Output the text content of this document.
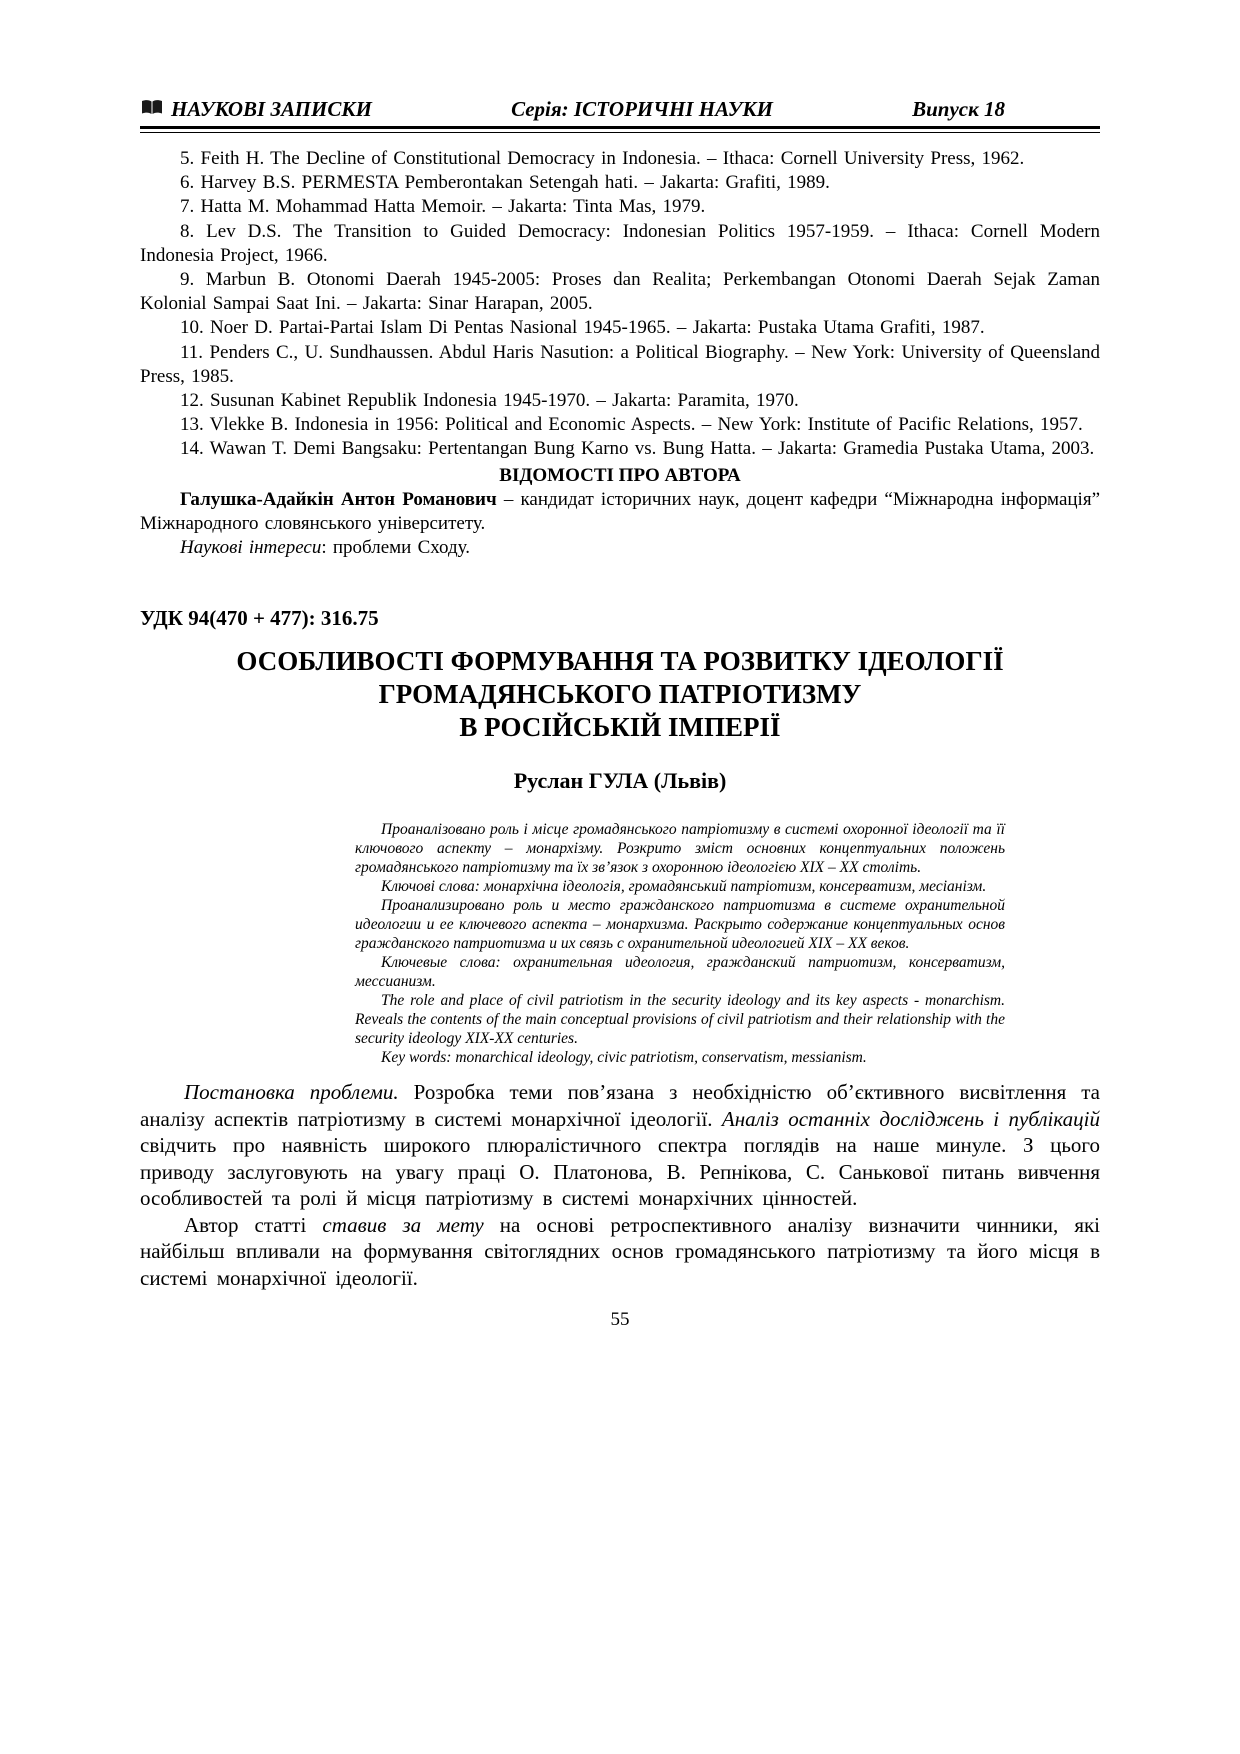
НАУКОВІ ЗАПИСКИ	Серія: ІСТОРИЧНІ НАУКИ	Випуск 18

5. Feith H. The Decline of Constitutional Democracy in Indonesia. – Ithaca: Cornell University Press, 1962.

6. Harvey B.S. PERMESTA Pemberontakan Setengah hati. – Jakarta: Grafiti, 1989.

7. Hatta M. Mohammad Hatta Memoir. – Jakarta: Tinta Mas, 1979.

8. Lev D.S. The Transition to Guided Democracy: Indonesian Politics 1957-1959. – Ithaca: Cornell Modern Indonesia Project, 1966.

9. Marbun B. Otonomi Daerah 1945-2005: Proses dan Realita; Perkembangan Otonomi Daerah Sejak Zaman Kolonial Sampai Saat Ini. – Jakarta: Sinar Harapan, 2005.

10. Noer D. Partai-Partai Islam Di Pentas Nasional 1945-1965. – Jakarta: Pustaka Utama Grafiti, 1987.

11. Penders C., U. Sundhaussen. Abdul Haris Nasution: a Political Biography. – New York: University of Queensland Press, 1985.

12. Susunan Kabinet Republik Indonesia 1945-1970. – Jakarta: Paramita, 1970.

13. Vlekke B. Indonesia in 1956: Political and Economic Aspects. – New York: Institute of Pacific Relations, 1957.

14. Wawan T. Demi Bangsaku: Pertentangan Bung Karno vs. Bung Hatta. – Jakarta: Gramedia Pustaka Utama, 2003.

ВІДОМОСТІ ПРО АВТОРА

Галушка-Адайкін Антон Романович – кандидат історичних наук, доцент кафедри “Міжнародна інформація” Міжнародного словянського університету.

Наукові інтереси: проблеми Сходу.

УДК 94(470 + 477): 316.75

ОСОБЛИВОСТІ ФОРМУВАННЯ ТА РОЗВИТКУ ІДЕОЛОГІЇ
ГРОМАДЯНСЬКОГО ПАТРІОТИЗМУ
В РОСІЙСЬКІЙ ІМПЕРІЇ

Руслан ГУЛА (Львів)

Проаналізовано роль і місце громадянського патріотизму в системі охоронної ідеології та її ключового аспекту – монархізму. Розкрито зміст основних концептуальних положень громадянського патріотизму та їх зв’язок з охоронною ідеологією XIX – XX століть.

Ключові слова: монархічна ідеологія, громадянський патріотизм, консерватизм, месіанізм.

Проанализировано роль и место гражданского патриотизма в системе охранительной идеологии и ее ключевого аспекта – монархизма. Раскрыто содержание концептуальных основ гражданского патриотизма и их связь с охранительной идеологией XIX – XX веков.

Ключевые слова: охранительная идеология, гражданский патриотизм, консерватизм, мессианизм.

The role and place of civil patriotism in the security ideology and its key aspects - monarchism. Reveals the contents of the main conceptual provisions of civil patriotism and their relationship with the security ideology XIX-XX centuries.

Key words: monarchical ideology, civic patriotism, conservatism, messianism.

Постановка проблеми. Розробка теми пов’язана з необхідністю об’єктивного висвітлення та аналізу аспектів патріотизму в системі монархічної ідеології. Аналіз останніх досліджень і публікацій свідчить про наявність широкого плюралістичного спектра поглядів на наше минуле. З цього приводу заслуговують на увагу праці О. Платонова, В. Репнікова, С. Санькової питань вивчення особливостей та ролі й місця патріотизму в системі монархічних цінностей.

Автор статті ставив за мету на основі ретроспективного аналізу визначити чинники, які найбільш впливали на формування світоглядних основ громадянського патріотизму та його місця в системі монархічної ідеології.

55
